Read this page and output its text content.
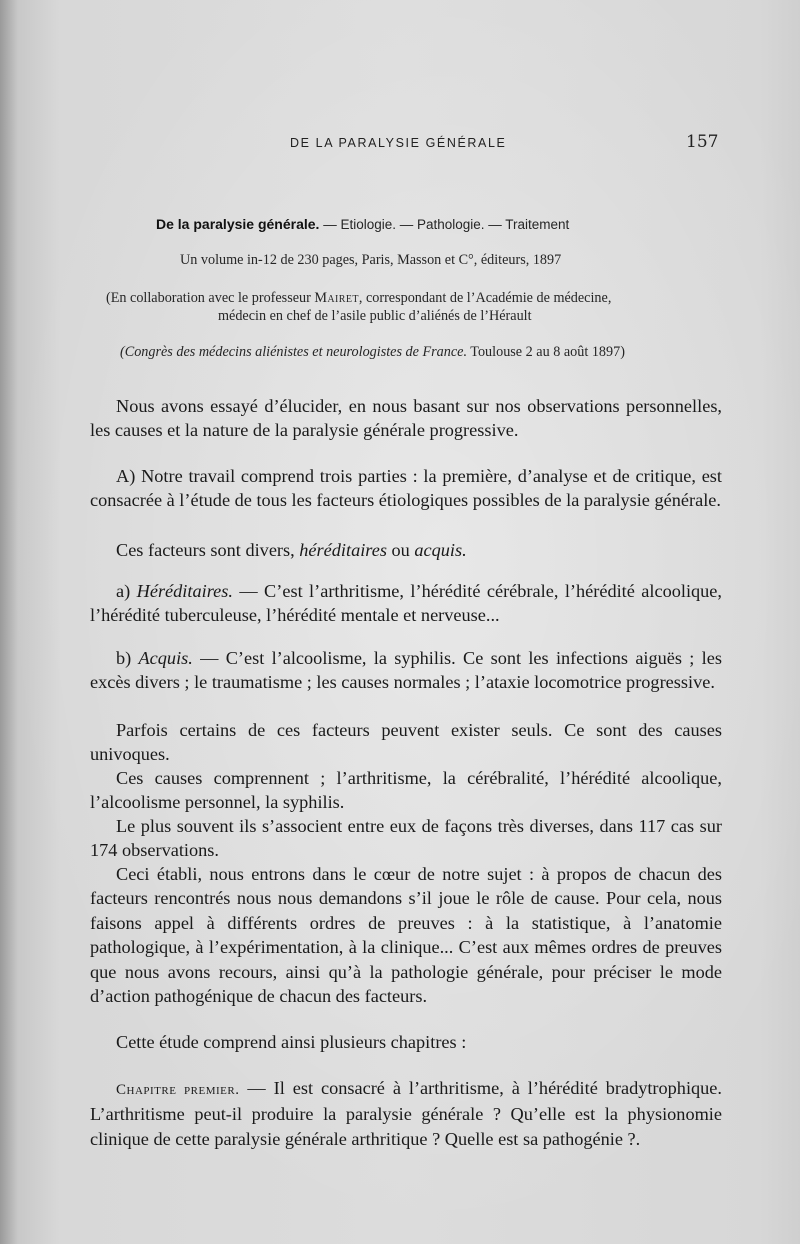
DE LA PARALYSIE GÉNÉRALE	157
De la paralysie générale. — Etiologie. — Pathologie. — Traitement
Un volume in-12 de 230 pages, Paris, Masson et C°, éditeurs, 1897
(En collaboration avec le professeur Mairet, correspondant de l’Académie de médecine,
médecin en chef de l’asile public d’aliénés de l’Hérault
(Congrès des médecins aliénistes et neurologistes de France. Toulouse 2 au 8 août 1897)
Nous avons essayé d’élucider, en nous basant sur nos observations personnelles, les causes et la nature de la paralysie générale progressive.
A) Notre travail comprend trois parties : la première, d’analyse et de critique, est consacrée à l’étude de tous les facteurs étiologiques possibles de la paralysie générale.
Ces facteurs sont divers, héréditaires ou acquis.
a) Héréditaires. — C’est l’arthritisme, l’hérédité cérébrale, l’hérédité alcoolique, l’hérédité tuberculeuse, l’hérédité mentale et nerveuse...
b) Acquis. — C’est l’alcoolisme, la syphilis. Ce sont les infections aiguës ; les excès divers ; le traumatisme ; les causes normales ; l’ataxie locomotrice progressive.
Parfois certains de ces facteurs peuvent exister seuls. Ce sont des causes univoques.
Ces causes comprennent ; l’arthritisme, la cérébralité, l’hérédité alcoolique, l’alcoolisme personnel, la syphilis.
Le plus souvent ils s’associent entre eux de façons très diverses, dans 117 cas sur 174 observations.
Ceci établi, nous entrons dans le cœur de notre sujet : à propos de chacun des facteurs rencontrés nous nous demandons s’il joue le rôle de cause. Pour cela, nous faisons appel à différents ordres de preuves : à la statistique, à l’anatomie pathologique, à l’expérimentation, à la clinique... C’est aux mêmes ordres de preuves que nous avons recours, ainsi qu’à la pathologie générale, pour préciser le mode d’action pathogénique de chacun des facteurs.
Cette étude comprend ainsi plusieurs chapitres :
Chapitre premier. — Il est consacré à l’arthritisme, à l’hérédité bradytrophique. L’arthritisme peut-il produire la paralysie générale ? Qu’elle est la physionomie clinique de cette paralysie générale arthritique ? Quelle est sa pathogénie ?.
